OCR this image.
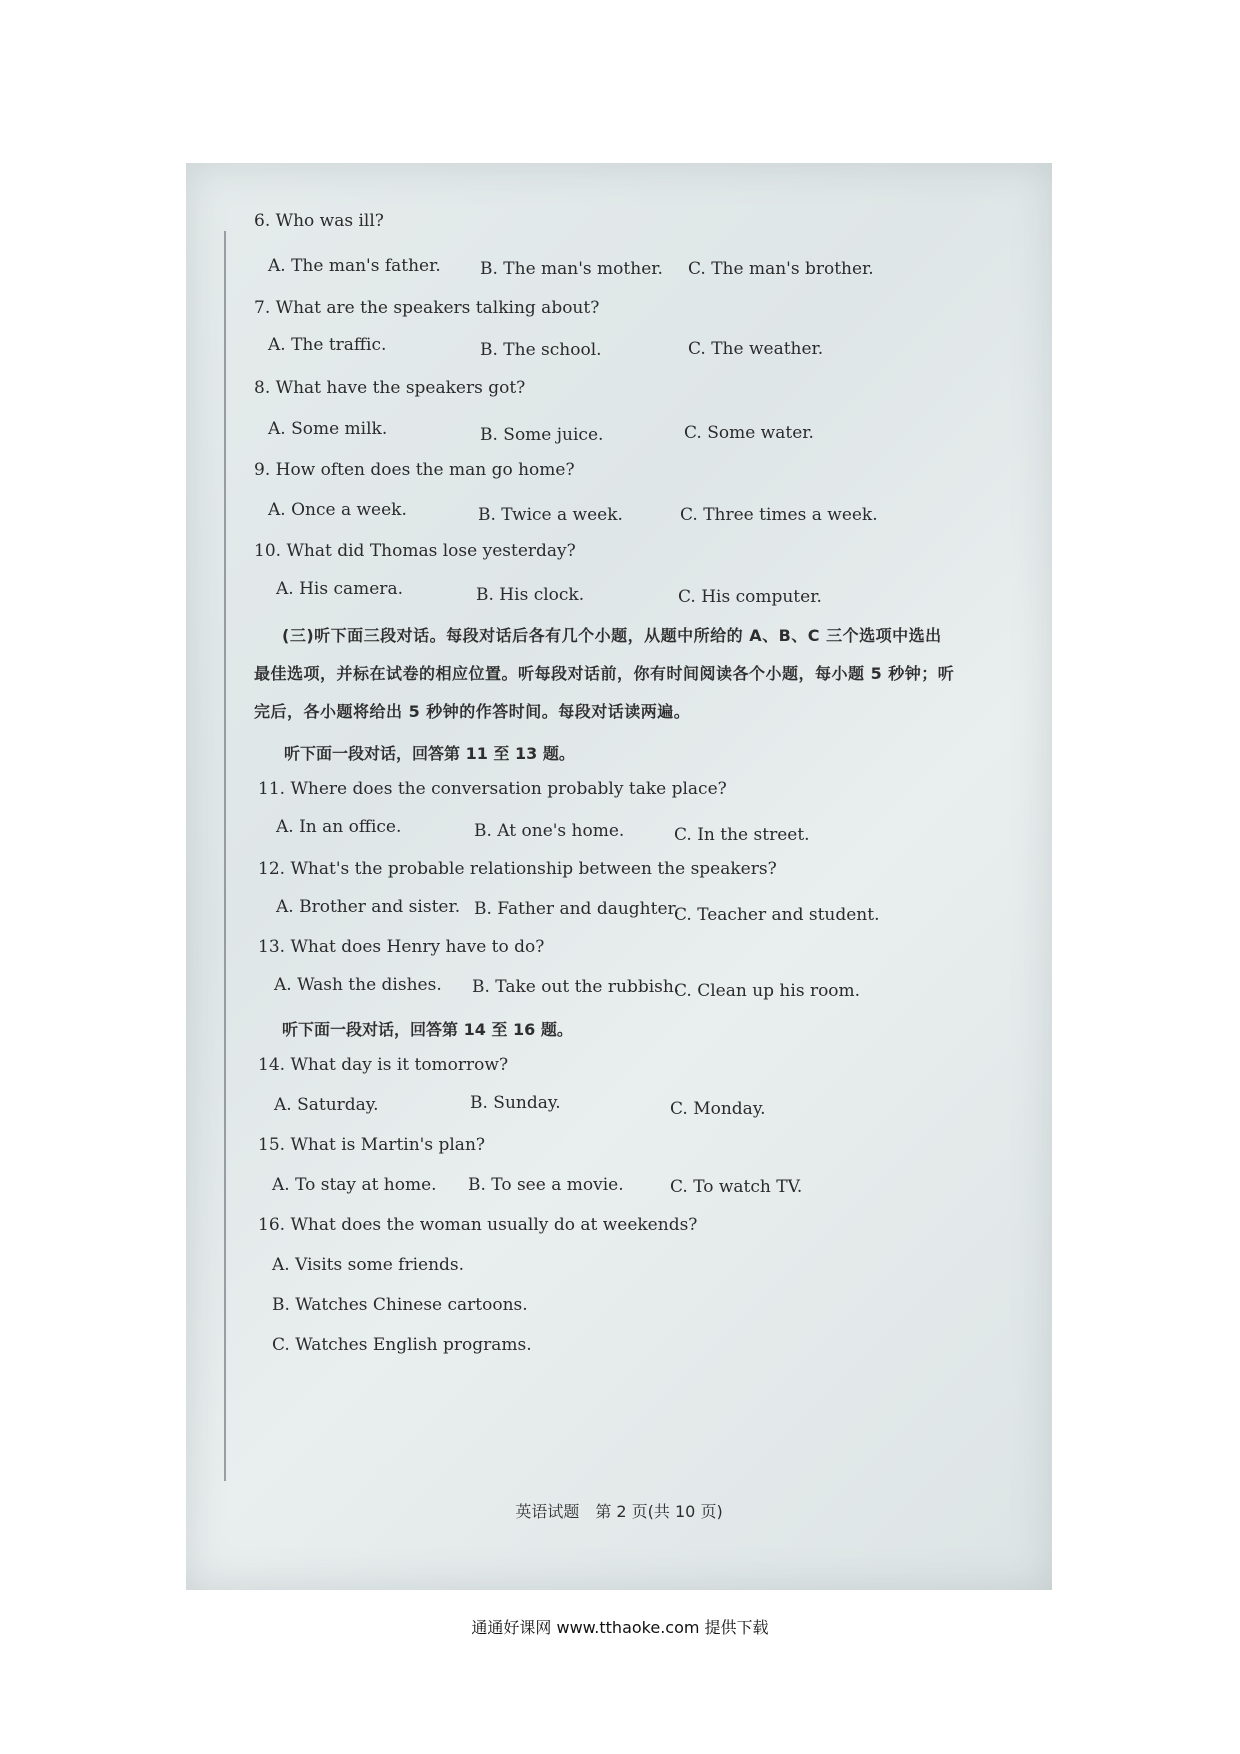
6. Who was ill?
A. The man's father. B. The man's mother. C. The man's brother.
7. What are the speakers talking about?
A. The traffic.	B. The school.	C. The weather.
8. What have the speakers got?
A. Some milk.	B. Some juice.	C. Some water.
9. How often does the man go home?
A. Once a week.	B. Twice a week.	C. Three times a week.
10. What did Thomas lose yesterday?
A. His camera.	B. His clock.	C. His computer.
(三)听下面三段对话。每段对话后各有几个小题，从题中所给的 A、B、C 三个选项中选出
最佳选项，并标在试卷的相应位置。听每段对话前，你有时间阅读各个小题，每小题 5 秒钟；听
完后，各小题将给出 5 秒钟的作答时间。每段对话读两遍。
听下面一段对话，回答第 11 至 13 题。
11. Where does the conversation probably take place?
A. In an office.	B. At one's home.	C. In the street.
12. What's the probable relationship between the speakers?
A. Brother and sister. B. Father and daughter.
C. Teacher and student.
13. What does Henry have to do?
A. Wash the dishes. B. Take out the rubbish.
C. Clean up his room.
听下面一段对话，回答第 14 至 16 题。
14. What day is it tomorrow?
A. Saturday.	B. Sunday.	C. Monday.
15. What is Martin's plan?
A. To stay at home. B. To see a movie.	C. To watch TV.
16. What does the woman usually do at weekends?
A. Visits some friends.
B. Watches Chinese cartoons.
C. Watches English programs.
英语试题　第 2 页(共 10 页)
通通好课网 www.tthaoke.com 提供下载
